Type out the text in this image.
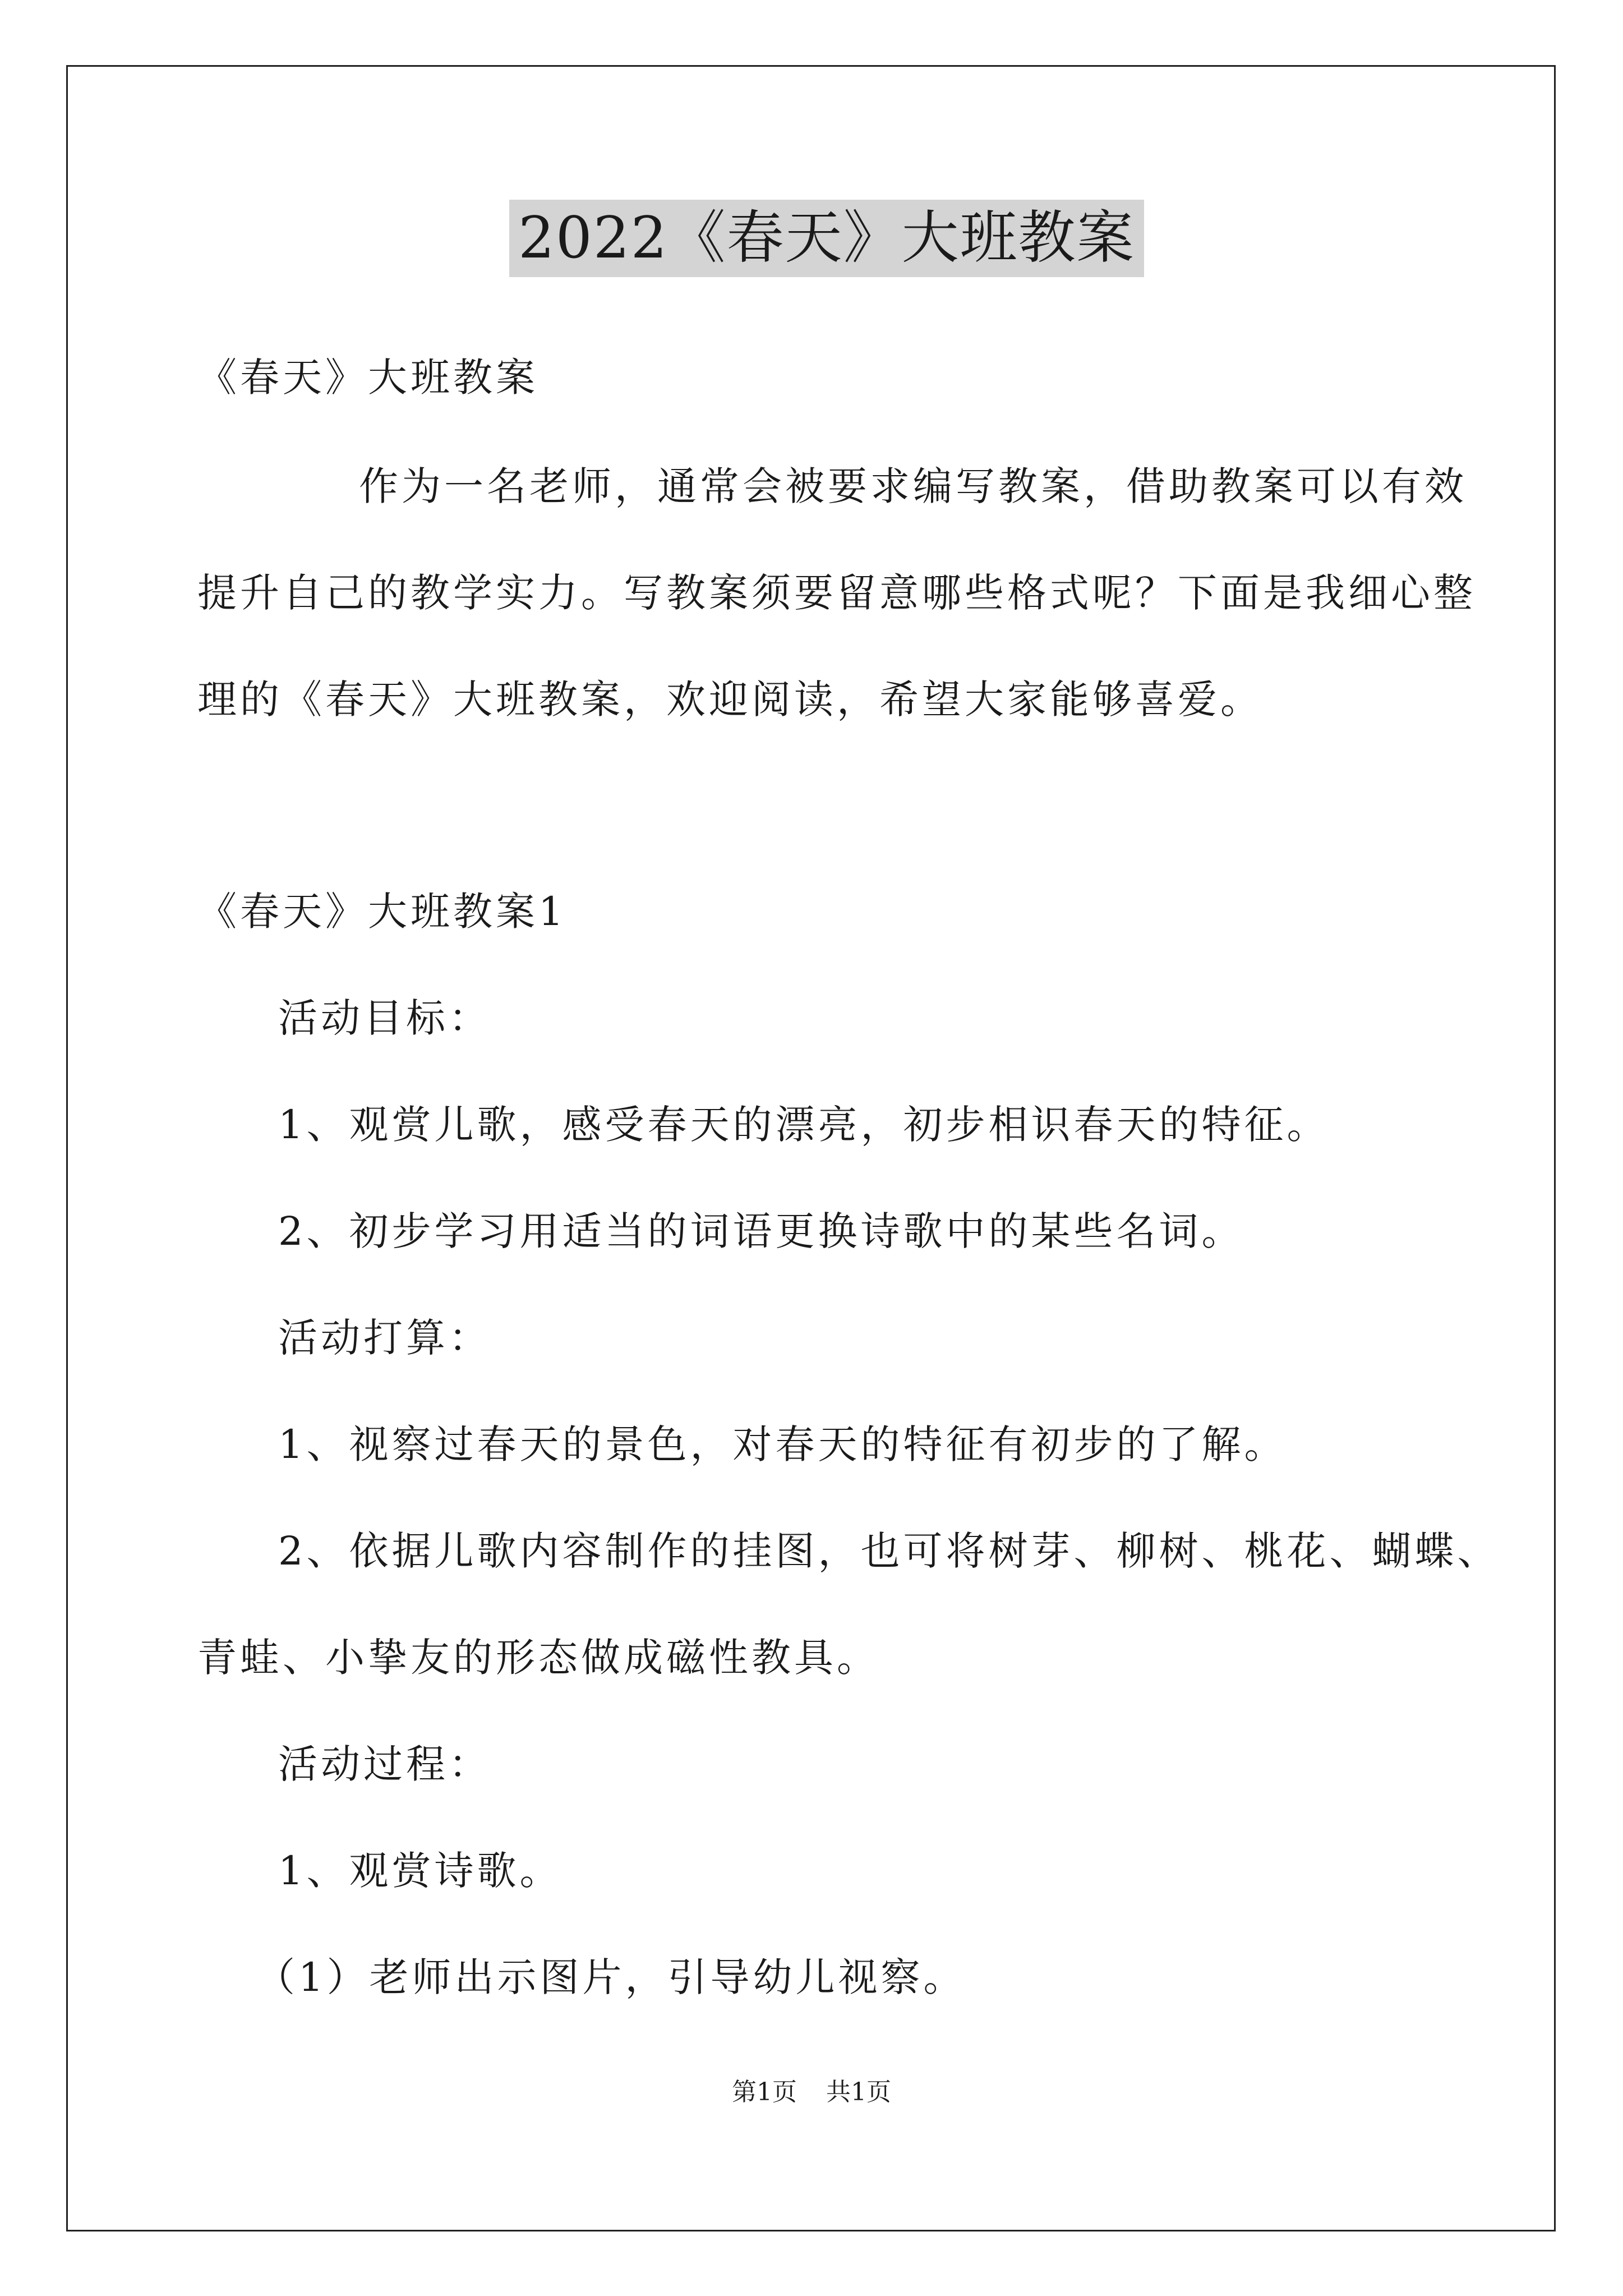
2022《春天》大班教案
《春天》大班教案
作为一名老师，通常会被要求编写教案，借助教案可以有效
提升自己的教学实力。写教案须要留意哪些格式呢？下面是我细心整
理的《春天》大班教案，欢迎阅读，希望大家能够喜爱。
《春天》大班教案1
活动目标：
1、观赏儿歌，感受春天的漂亮，初步相识春天的特征。
2、初步学习用适当的词语更换诗歌中的某些名词。
活动打算：
1、视察过春天的景色，对春天的特征有初步的了解。
2、依据儿歌内容制作的挂图，也可将树芽、柳树、桃花、蝴蝶、
青蛙、小挚友的形态做成磁性教具。
活动过程：
1、观赏诗歌。
（1）老师出示图片，引导幼儿视察。
第1页 共1页
